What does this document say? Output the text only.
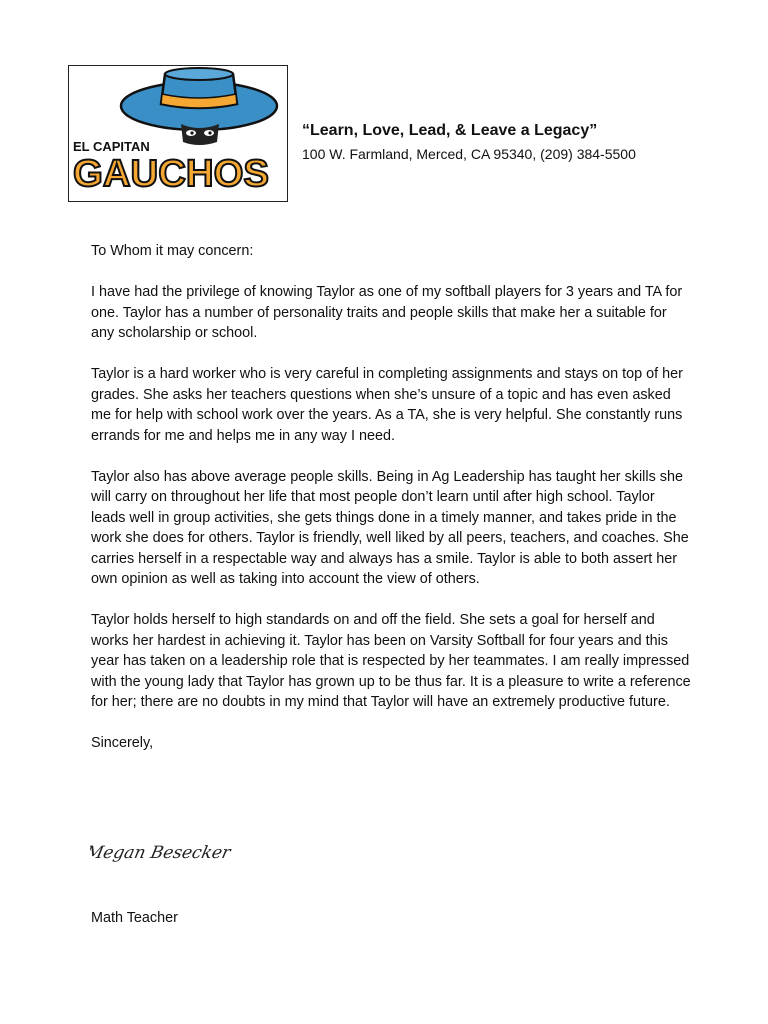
EL CAPITAN
GAUCHOS
“Learn, Love, Lead, & Leave a Legacy”
100 W. Farmland, Merced, CA 95340, (209) 384-5500

To Whom it may concern:

I have had the privilege of knowing Taylor as one of my softball players for 3 years and TA for one. Taylor has a number of personality traits and people skills that make her a suitable for any scholarship or school.

Taylor is a hard worker who is very careful in completing assignments and stays on top of her grades. She asks her teachers questions when she’s unsure of a topic and has even asked me for help with school work over the years. As a TA, she is very helpful. She constantly runs errands for me and helps me in any way I need.

Taylor also has above average people skills. Being in Ag Leadership has taught her skills she will carry on throughout her life that most people don’t learn until after high school. Taylor leads well in group activities, she gets things done in a timely manner, and takes pride in the work she does for others. Taylor is friendly, well liked by all peers, teachers, and coaches. She carries herself in a respectable way and always has a smile. Taylor is able to both assert her own opinion as well as taking into account the view of others.

Taylor holds herself to high standards on and off the field. She sets a goal for herself and works her hardest in achieving it. Taylor has been on Varsity Softball for four years and this year has taken on a leadership role that is respected by her teammates. I am really impressed with the young lady that Taylor has grown up to be thus far. It is a pleasure to write a reference for her; there are no doubts in my mind that Taylor will have an extremely productive future.

Sincerely,

Megan Besecker
Math Teacher
